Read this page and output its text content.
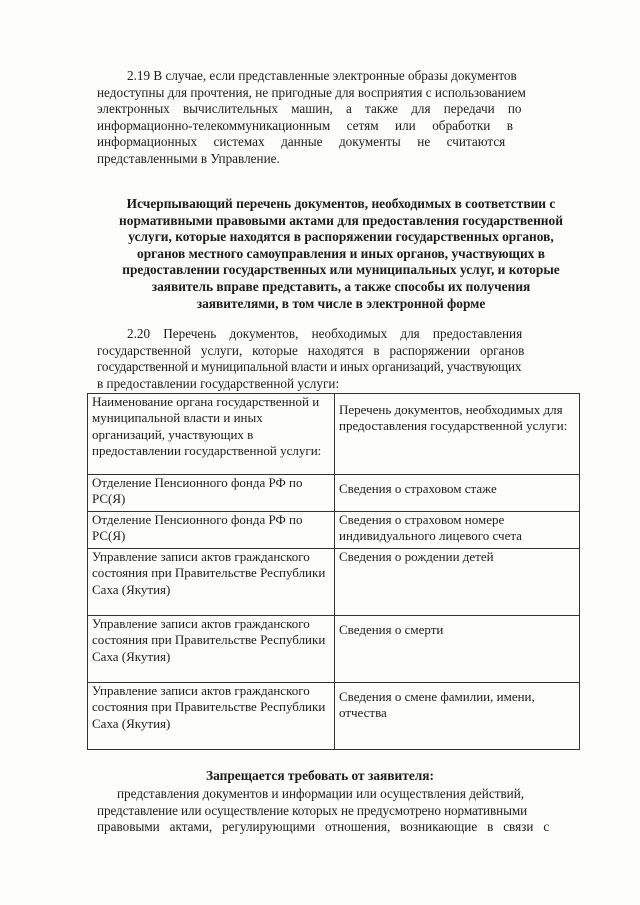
2.19 В случае, если представленные электронные образы документов
недоступны для прочтения, не пригодные для восприятия с использованием
электронных    вычислительных    машин,    а    также    для    передачи    по
информационно-телекоммуникационным     сетям     или     обработки     в
информационных     системах     данные     документы     не     считаются
представленными в Управление.
Исчерпывающий перечень документов, необходимых в соответствии с
нормативными правовыми актами для предоставления государственной
услуги, которые находятся в распоряжении государственных органов,
органов местного самоуправления и иных органов, участвующих в
предоставлении государственных или муниципальных услуг, и которые
заявитель вправе представить, а также способы их получения
заявителями, в том числе в электронной форме
2.20    Перечень    документов,    необходимых    для    предоставления
государственной   услуги,   которые   находятся   в   распоряжении   органов
государственной и муниципальной власти и иных организаций, участвующих
в предоставлении государственной услуги:
Наименование органа государственной и муниципальной власти и иных организаций, участвующих в предоставлении государственной услуги:	Перечень документов, необходимых для предоставления государственной услуги:
Отделение Пенсионного фонда РФ по РС(Я)	Сведения о страховом стаже
Отделение Пенсионного фонда РФ по РС(Я)	Сведения о страховом номере индивидуального лицевого счета
Управление записи актов гражданского состояния при Правительстве Республики Саха (Якутия)	Сведения о рождении детей
Управление записи актов гражданского состояния при Правительстве Республики Саха (Якутия)	Сведения о смерти
Управление записи актов гражданского состояния при Правительстве Республики Саха (Якутия)	Сведения о смене фамилии, имени, отчества
Запрещается требовать от заявителя:
представления документов и информации или осуществления действий,
представление или осуществление которых не предусмотрено нормативными
правовыми   актами,   регулирующими   отношения,   возникающие   в   связи   с
